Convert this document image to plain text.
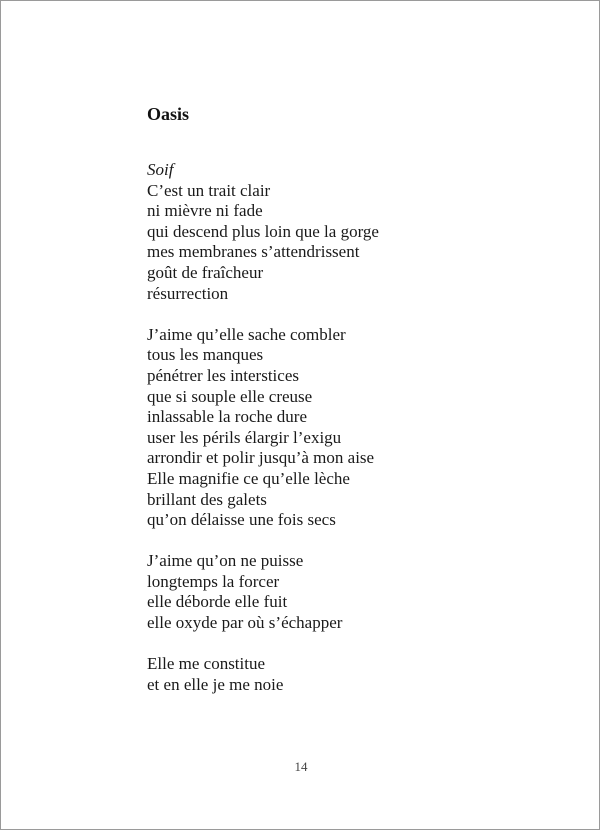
Oasis
Soif
C’est un trait clair
ni mièvre ni fade
qui descend plus loin que la gorge
mes membranes s’attendrissent
goût de fraîcheur
résurrection
J’aime qu’elle sache combler
tous les manques
pénétrer les interstices
que si souple elle creuse
inlassable la roche dure
user les périls élargir l’exigu
arrondir et polir jusqu’à mon aise
Elle magnifie ce qu’elle lèche
brillant des galets
qu’on délaisse une fois secs
J’aime qu’on ne puisse
longtemps la forcer
elle déborde elle fuit
elle oxyde par où s’échapper
Elle me constitue
et en elle je me noie
14
